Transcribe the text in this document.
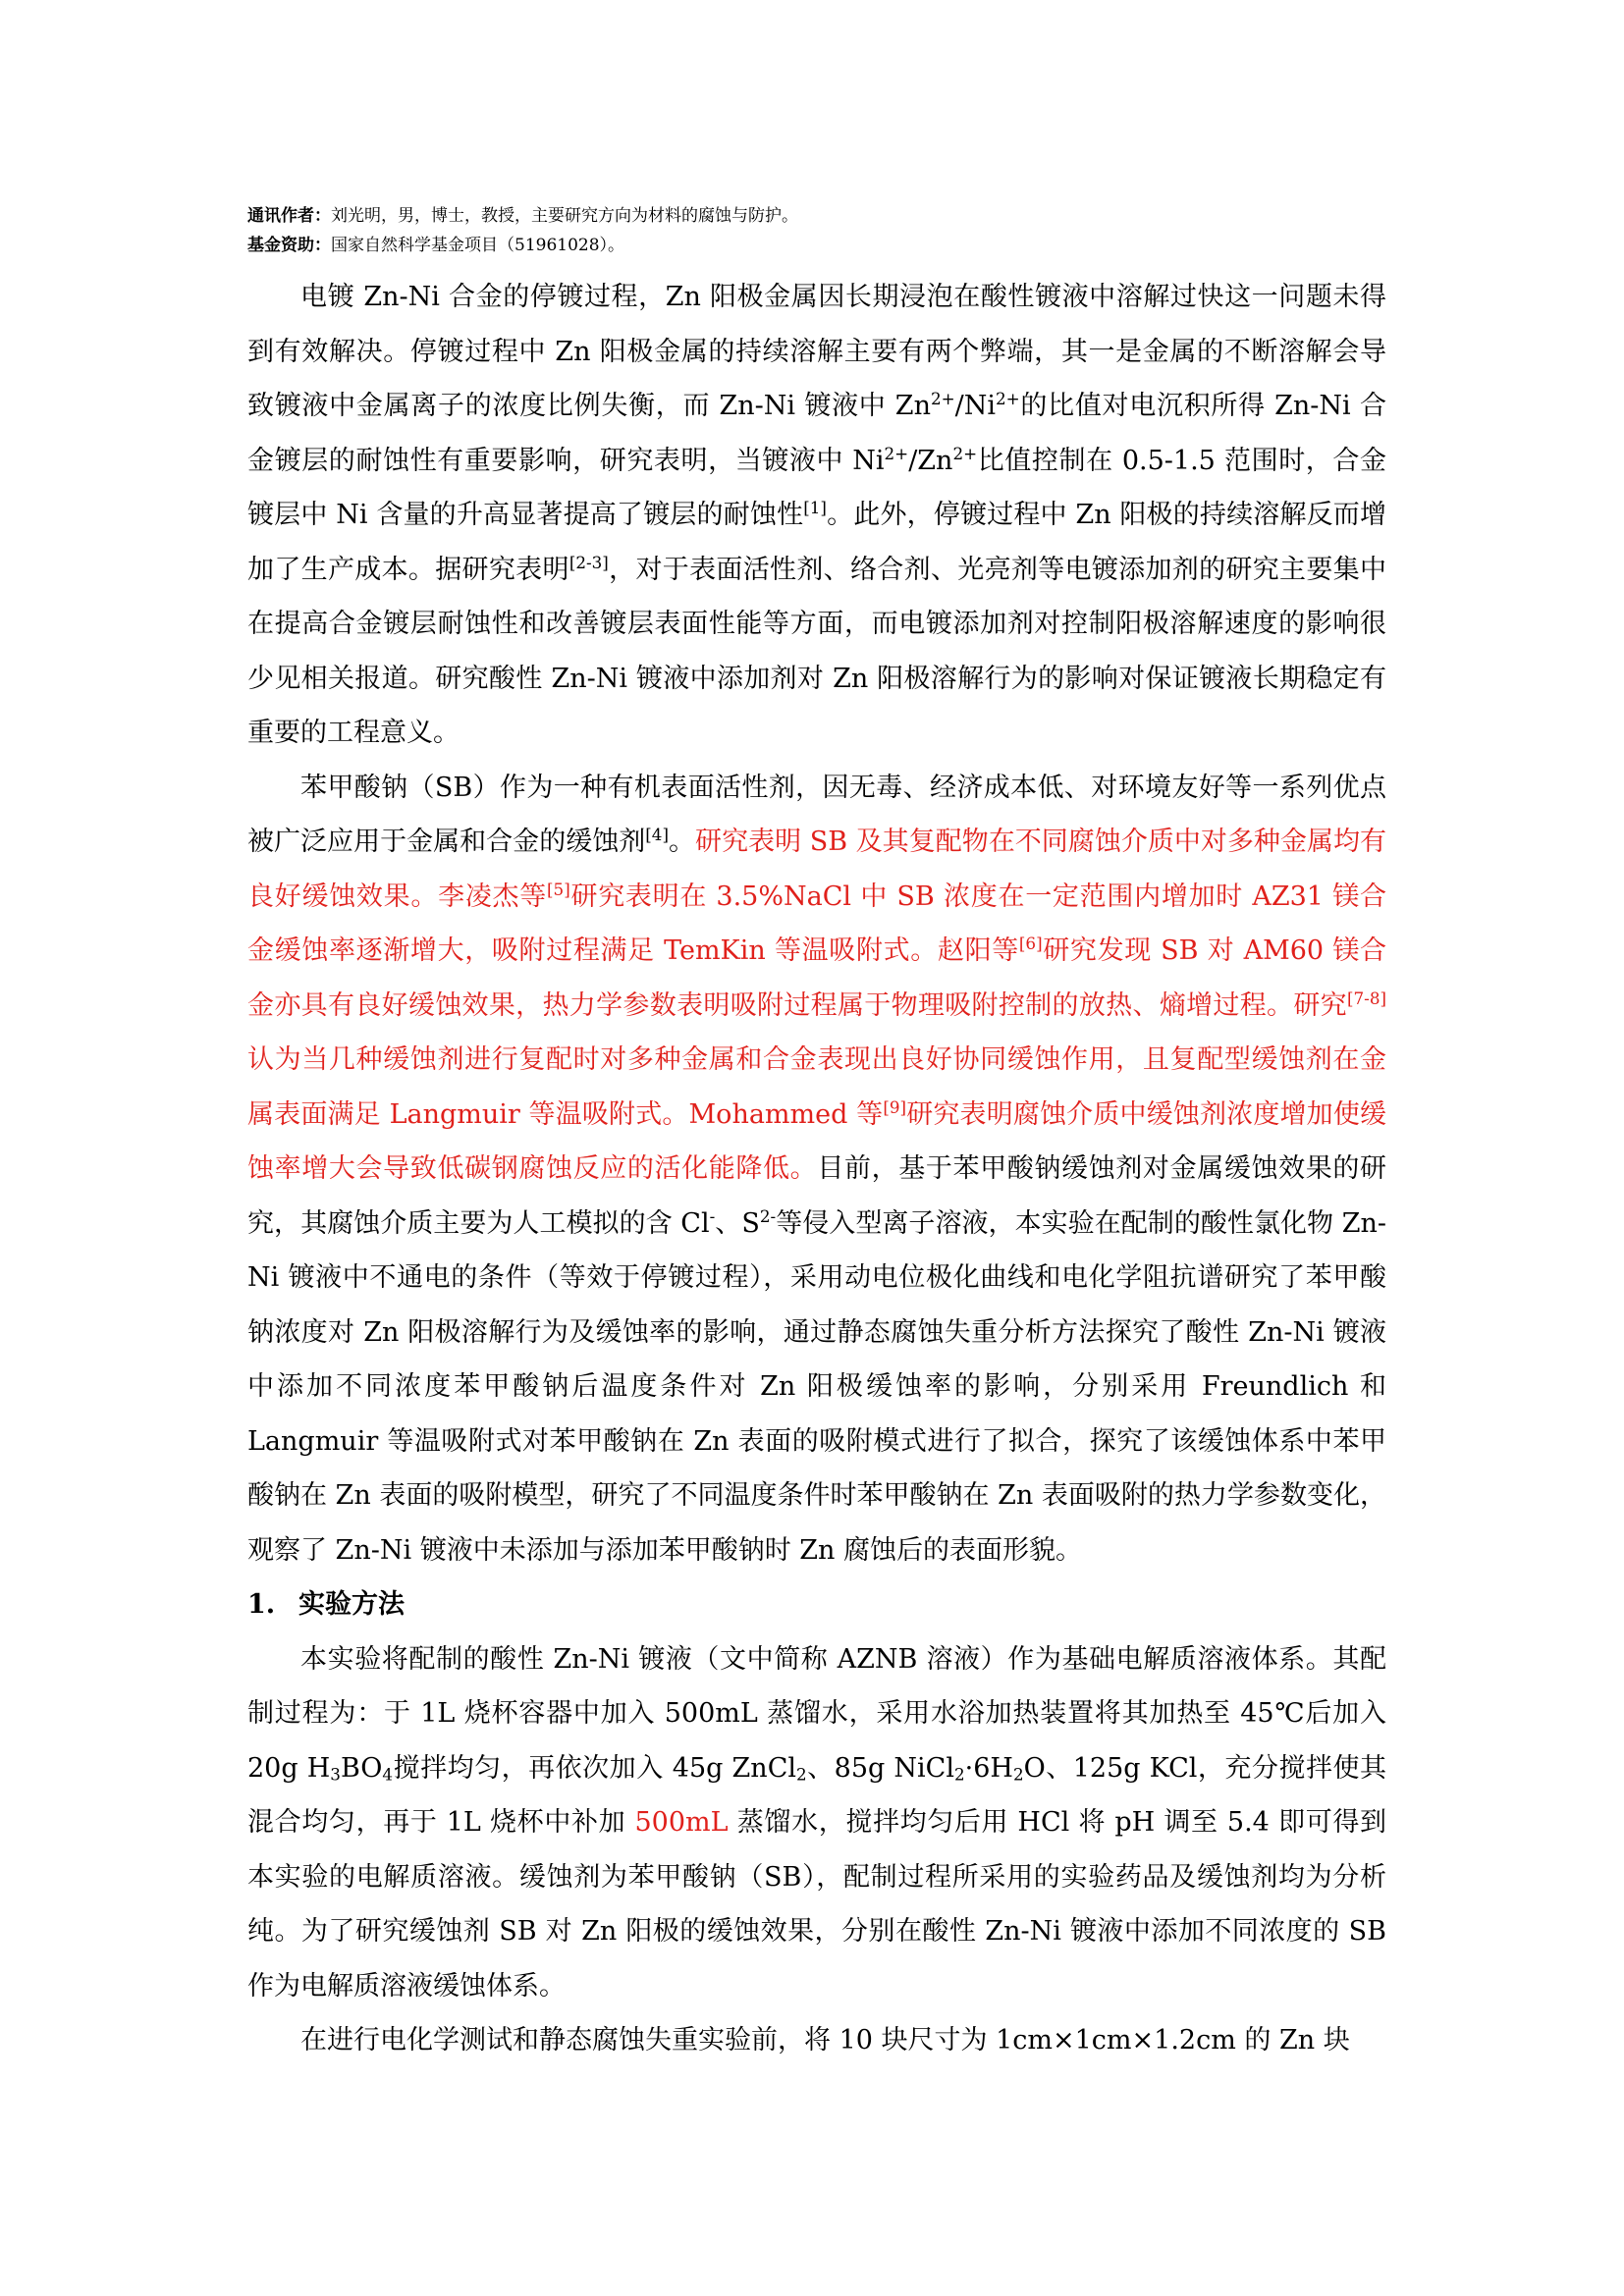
通讯作者：刘光明，男，博士，教授，主要研究方向为材料的腐蚀与防护。

基金资助：国家自然科学基金项目（51961028）。

电镀 Zn-Ni 合金的停镀过程，Zn 阳极金属因长期浸泡在酸性镀液中溶解过快这一问题未得到有效解决。停镀过程中 Zn 阳极金属的持续溶解主要有两个弊端，其一是金属的不断溶解会导致镀液中金属离子的浓度比例失衡，而 Zn-Ni 镀液中 $Zn^{2+}/Ni^{2+}$的比值对电沉积所得 Zn-Ni 合金镀层的耐蚀性有重要影响，研究表明，当镀液中 $Ni^{2+}/Zn^{2+}$比值控制在 0.5-1.5 范围时，合金镀层中 Ni 含量的升高显著提高了镀层的耐蚀性[1]。此外，停镀过程中 Zn 阳极的持续溶解反而增加了生产成本。据研究表明[2-3]，对于表面活性剂、络合剂、光亮剂等电镀添加剂的研究主要集中在提高合金镀层耐蚀性和改善镀层表面性能等方面，而电镀添加剂对控制阳极溶解速度的影响很少见相关报道。研究酸性 Zn-Ni 镀液中添加剂对 Zn 阳极溶解行为的影响对保证镀液长期稳定有重要的工程意义。

苯甲酸钠（SB）作为一种有机表面活性剂，因无毒、经济成本低、对环境友好等一系列优点被广泛应用于金属和合金的缓蚀剂[4]。研究表明 SB 及其复配物在不同腐蚀介质中对多种金属均有良好缓蚀效果。李凌杰等[5]研究表明在 3.5%NaCl 中 SB 浓度在一定范围内增加时 AZ31 镁合金缓蚀率逐渐增大，吸附过程满足 TemKin 等温吸附式。赵阳等[6]研究发现 SB 对 AM60 镁合金亦具有良好缓蚀效果，热力学参数表明吸附过程属于物理吸附控制的放热、熵增过程。研究[7-8]认为当几种缓蚀剂进行复配时对多种金属和合金表现出良好协同缓蚀作用，且复配型缓蚀剂在金属表面满足 Langmuir 等温吸附式。Mohammed 等[9]研究表明腐蚀介质中缓蚀剂浓度增加使缓蚀率增大会导致低碳钢腐蚀反应的活化能降低。目前，基于苯甲酸钠缓蚀剂对金属缓蚀效果的研究，其腐蚀介质主要为人工模拟的含 Cl-、$S^{2-}$等侵入型离子溶液，本实验在配制的酸性氯化物 Zn-Ni 镀液中不通电的条件（等效于停镀过程），采用动电位极化曲线和电化学阻抗谱研究了苯甲酸钠浓度对 Zn 阳极溶解行为及缓蚀率的影响，通过静态腐蚀失重分析方法探究了酸性 Zn-Ni 镀液中添加不同浓度苯甲酸钠后温度条件对 Zn 阳极缓蚀率的影响，分别采用 Freundlich 和 Langmuir 等温吸附式对苯甲酸钠在 Zn 表面的吸附模式进行了拟合，探究了该缓蚀体系中苯甲酸钠在 Zn 表面的吸附模型，研究了不同温度条件时苯甲酸钠在 Zn 表面吸附的热力学参数变化，观察了 Zn-Ni 镀液中未添加与添加苯甲酸钠时 Zn 腐蚀后的表面形貌。

1. 实验方法

本实验将配制的酸性 Zn-Ni 镀液（文中简称 AZNB 溶液）作为基础电解质溶液体系。其配制过程为：于 1L 烧杯容器中加入 500mL 蒸馏水，采用水浴加热装置将其加热至 45℃后加入 20g $H_3BO_4$搅拌均匀，再依次加入 45g ZnCl$_2$、85g $NiCl_2\cdot 6H_2O$、125g KCl，充分搅拌使其混合均匀，再于 1L 烧杯中补加 500mL 蒸馏水，搅拌均匀后用 HCl 将 pH 调至 5.4 即可得到本实验的电解质溶液。缓蚀剂为苯甲酸钠（SB），配制过程所采用的实验药品及缓蚀剂均为分析纯。为了研究缓蚀剂 SB 对 Zn 阳极的缓蚀效果，分别在酸性 Zn-Ni 镀液中添加不同浓度的 SB 作为电解质溶液缓蚀体系。

在进行电化学测试和静态腐蚀失重实验前，将 10 块尺寸为 1cm×1cm×1.2cm 的 Zn 块
